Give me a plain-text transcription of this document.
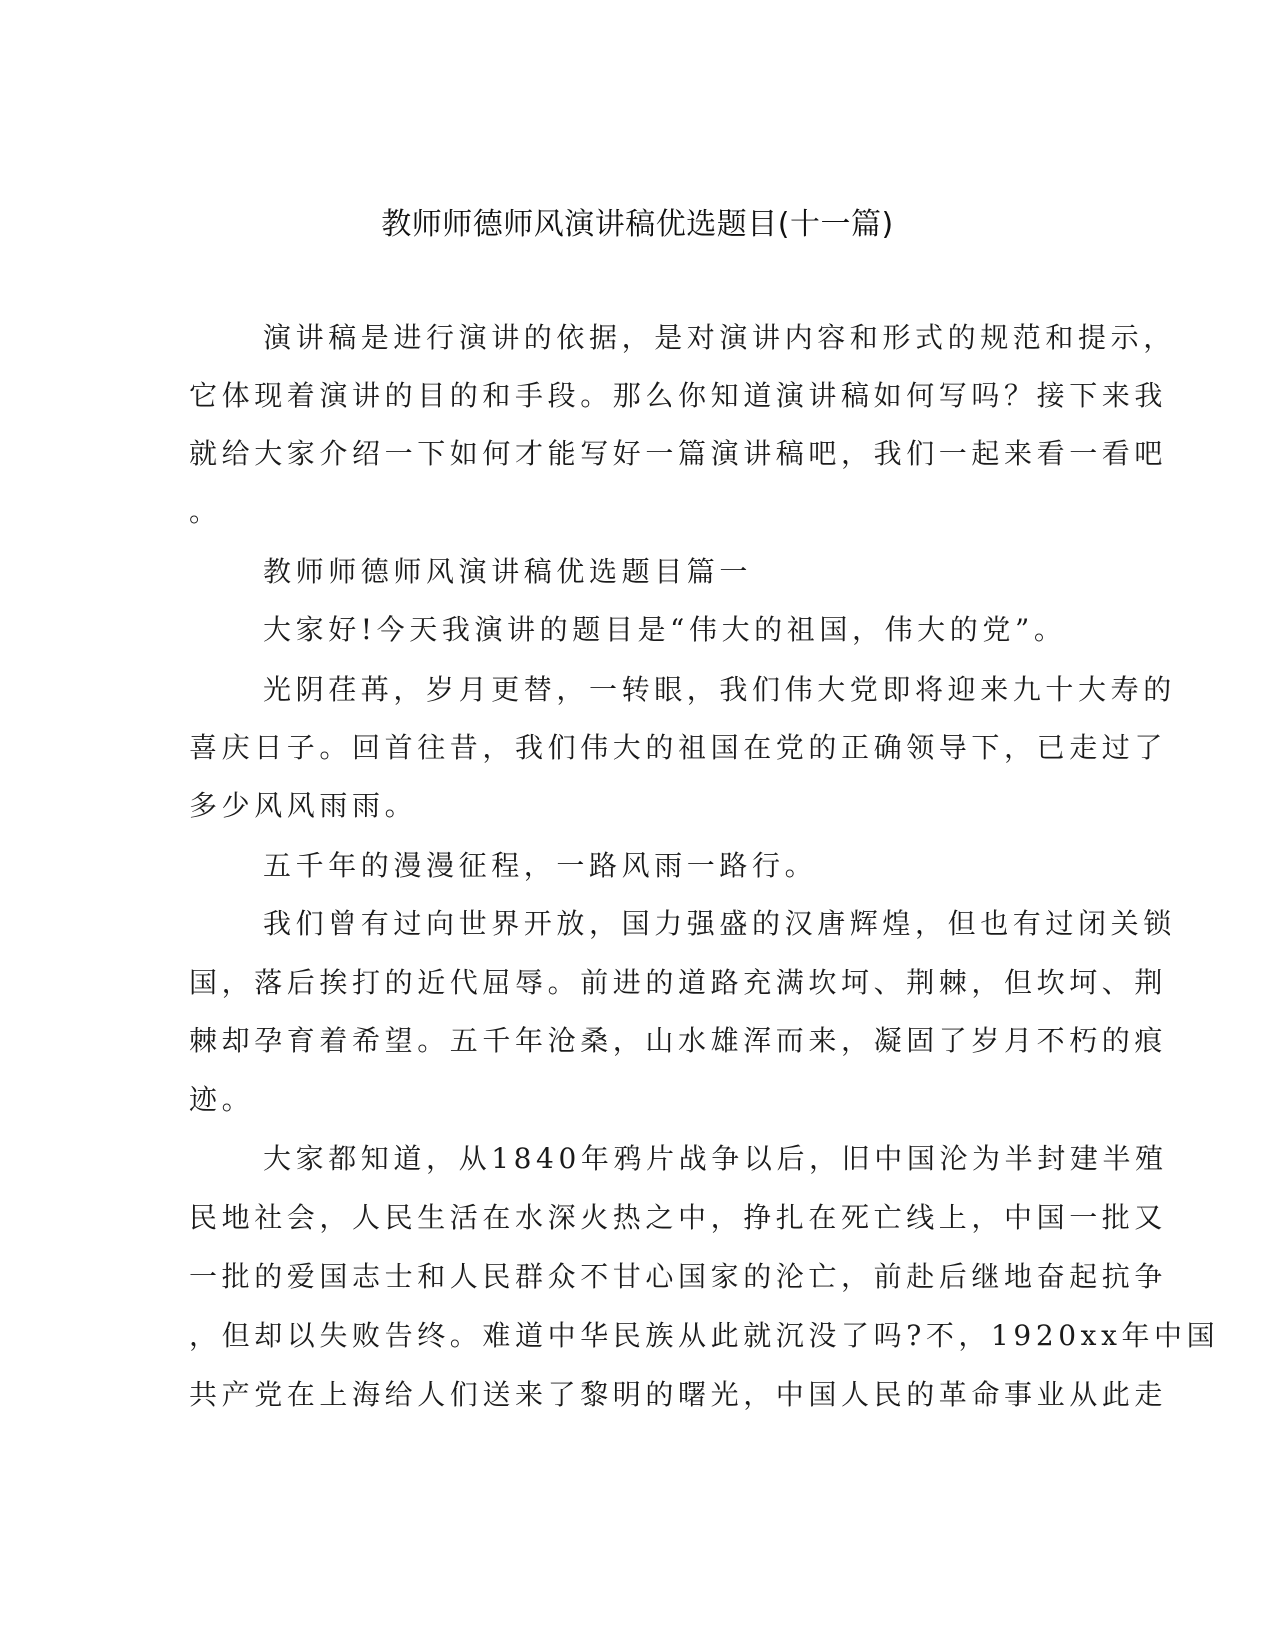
教师师德师风演讲稿优选题目(十一篇)
演讲稿是进行演讲的依据，是对演讲内容和形式的规范和提示，
它体现着演讲的目的和手段。那么你知道演讲稿如何写吗？接下来我
就给大家介绍一下如何才能写好一篇演讲稿吧，我们一起来看一看吧
。
教师师德师风演讲稿优选题目篇一
大家好!今天我演讲的题目是“伟大的祖国，伟大的党”。
光阴荏苒，岁月更替，一转眼，我们伟大党即将迎来九十大寿的
喜庆日子。回首往昔，我们伟大的祖国在党的正确领导下，已走过了
多少风风雨雨。
五千年的漫漫征程，一路风雨一路行。
我们曾有过向世界开放，国力强盛的汉唐辉煌，但也有过闭关锁
国，落后挨打的近代屈辱。前进的道路充满坎坷、荆棘，但坎坷、荆
棘却孕育着希望。五千年沧桑，山水雄浑而来，凝固了岁月不朽的痕
迹。
大家都知道，从1840年鸦片战争以后，旧中国沦为半封建半殖
民地社会，人民生活在水深火热之中，挣扎在死亡线上，中国一批又
一批的爱国志士和人民群众不甘心国家的沦亡，前赴后继地奋起抗争
，但却以失败告终。难道中华民族从此就沉没了吗?不，1920xx年中国
共产党在上海给人们送来了黎明的曙光，中国人民的革命事业从此走
